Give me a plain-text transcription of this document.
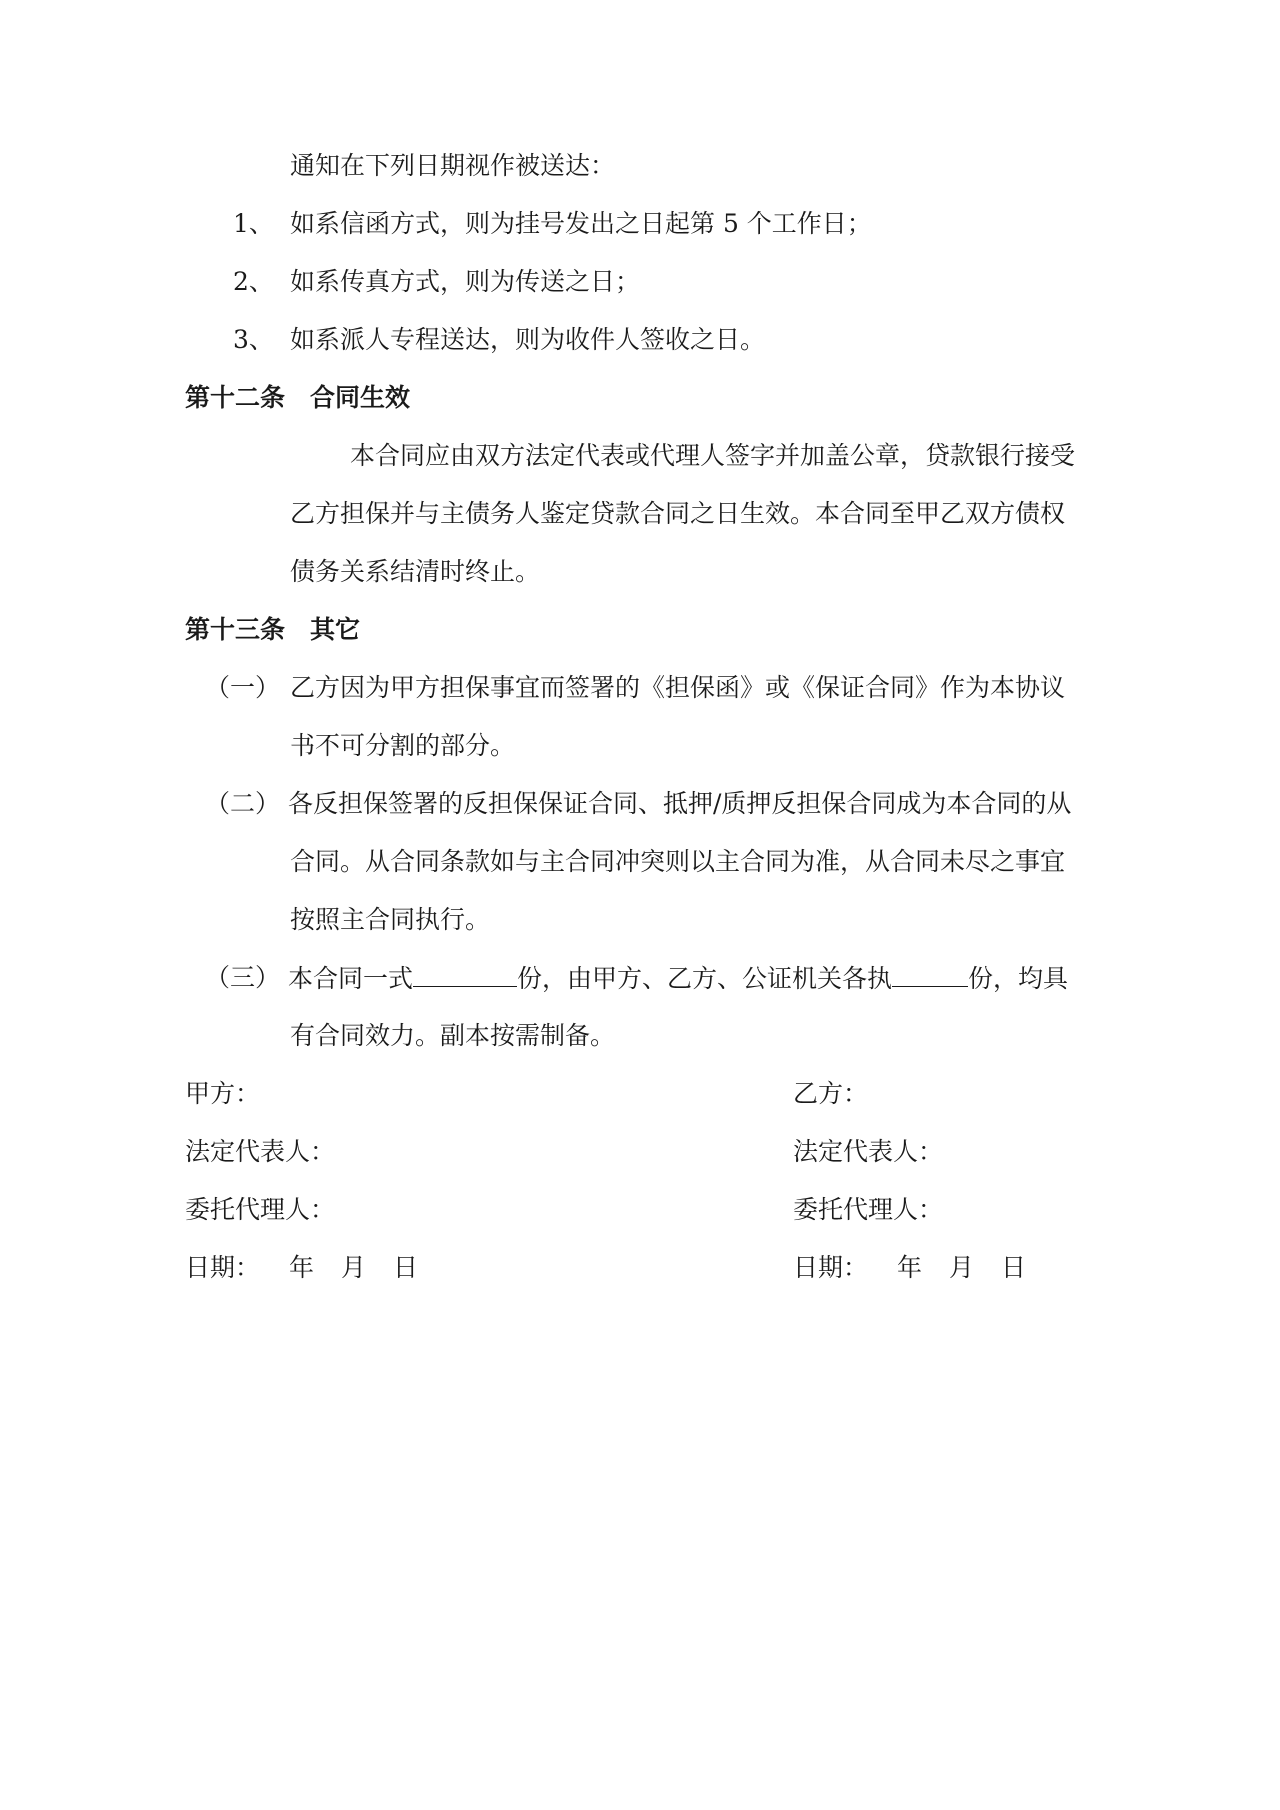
通知在下列日期视作被送达：
1、 如系信函方式，则为挂号发出之日起第 5 个工作日；
2、 如系传真方式，则为传送之日；
3、 如系派人专程送达，则为收件人签收之日。
第十二条　合同生效
本合同应由双方法定代表或代理人签字并加盖公章，贷款银行接受
乙方担保并与主债务人鉴定贷款合同之日生效。本合同至甲乙双方债权
债务关系结清时终止。
第十三条　其它
（一） 乙方因为甲方担保事宜而签署的《担保函》或《保证合同》作为本协议
书不可分割的部分。
（二） 各反担保签署的反担保保证合同、抵押/质押反担保合同成为本合同的从
合同。从合同条款如与主合同冲突则以主合同为准，从合同未尽之事宜
按照主合同执行。
（三） 本合同一式	份，由甲方、乙方、公证机关各执	份，均具
有合同效力。副本按需制备。
甲方：
法定代表人：
委托代理人：
日期： 年 月 日
乙方：
法定代表人：
委托代理人：
日期： 年 月 日
